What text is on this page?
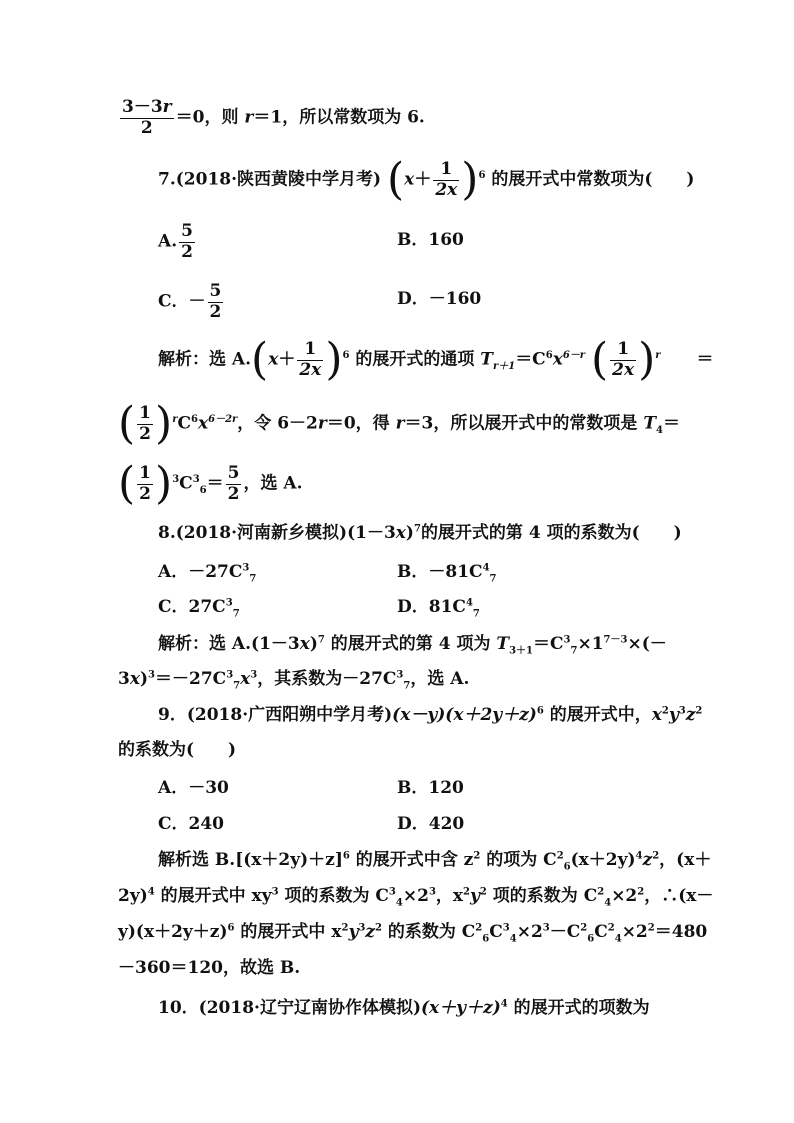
$\frac{3-3r}{2} =0$，则 r＝1，所以常数项为 6.
7.(2018·陕西黄陵中学月考) $(x+ \frac{1}{2x} )^6$ 的展开式中常数项为(　　)
A. $\frac{5}{2}$	B．160
C．－ $\frac{5}{2}$	D．－160
解析：选 $A.(x+ \frac{1}{2x} )^6$ 的展开式的通项 $T_{r+1}=C^6x^{6-r}$ ( $\frac{1}{2x} )^r$ ＝
( $\frac{1}{2} )^rC^6x^{6-2r}$，令 6－2r＝0，得 r＝3，所以展开式中的常数项是 $T_4=$
( $\frac{1}{2} )^3C^3_6= \frac{5}{2}$ ，选 A.
8.(2018·河南新乡模拟)$(1-3x)^7$的展开式的第 4 项的系数为(　　)
A．$-27C^3_7$	B．$-81C^4_7$
C．$27C^3_7$	D．$81C^4_7$
解析：选 $A.(1-3x)^7$ 的展开式的第 4 项为 $T_{3+1}=C^3_7\times 1^{7-3}\times(-$
$3x)^3=-27C^3_7x^3$，其系数为$-27C^3_7$，选 A.
9．(2018·广西阳朔中学月考)$(x-y)(x+2y+z)^6$ 的展开式中，$x^2y^3z^2$
的系数为(　　)
A．－30	B．120
C．240	D．420
解析选 $B.[(x+2y)+z]^6$ 的展开式中含 $z^2$ 的项为 $C^2_6(x+2y)^4z^2$，(x＋
2y)$^4$ 的展开式中 $xy^3$ 项的系数为 $C^3_4\times 2^3$，$x^2y^2$ 项的系数为 $C^2_4\times 2^2$，∴(x－
$y)(x+2y+z)^6$ 的展开式中 $x^2y^3z^2$ 的系数为 $C^2_6C^3_4\times 2^3-C^2_6C^2_4\times 2^2=480$
－360＝120，故选 B.
10．(2018·辽宁辽南协作体模拟)$(x+y+z)^4$ 的展开式的项数为
